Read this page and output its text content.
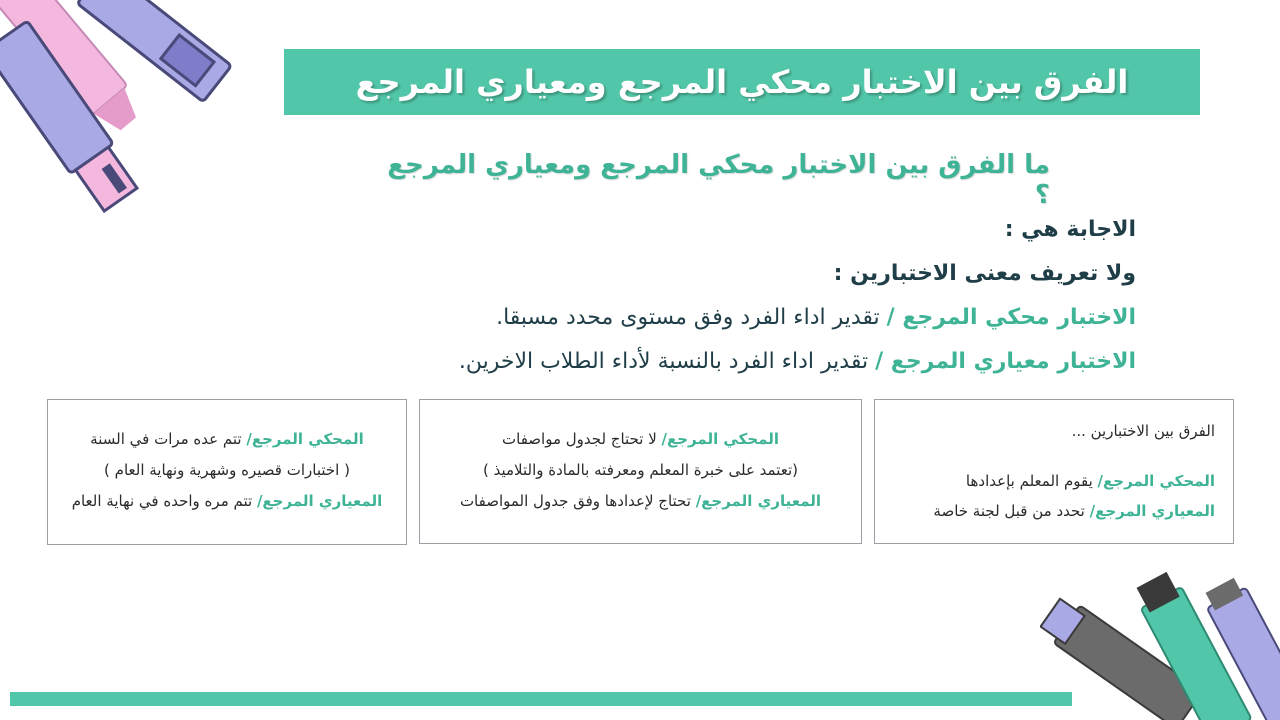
الفرق بين الاختبار محكي المرجع ومعياري المرجع
ما الفرق بين الاختبار محكي المرجع ومعياري المرجع ؟
الاجابة هي :
ولا تعريف معنى الاختبارين :
الاختبار محكي المرجع / تقدير اداء الفرد وفق مستوى محدد مسبقا.
الاختبار معياري المرجع / تقدير اداء الفرد بالنسبة لأداء الطلاب الاخرين.
الفرق بين الاختبارين ...
المحكي المرجع/ يقوم المعلم بإعدادها
المعياري المرجع/ تحدد من قبل لجنة خاصة
المحكي المرجع/ لا تحتاج لجدول مواصفات
(تعتمد على خبرة المعلم ومعرفته بالمادة والتلاميذ )
المعياري المرجع/ تحتاج لإعدادها وفق جدول المواصفات
المحكي المرجع/ تتم عده مرات في السنة
( اختبارات قصيره وشهرية ونهاية العام )
المعياري المرجع/ تتم مره واحده في نهاية العام
